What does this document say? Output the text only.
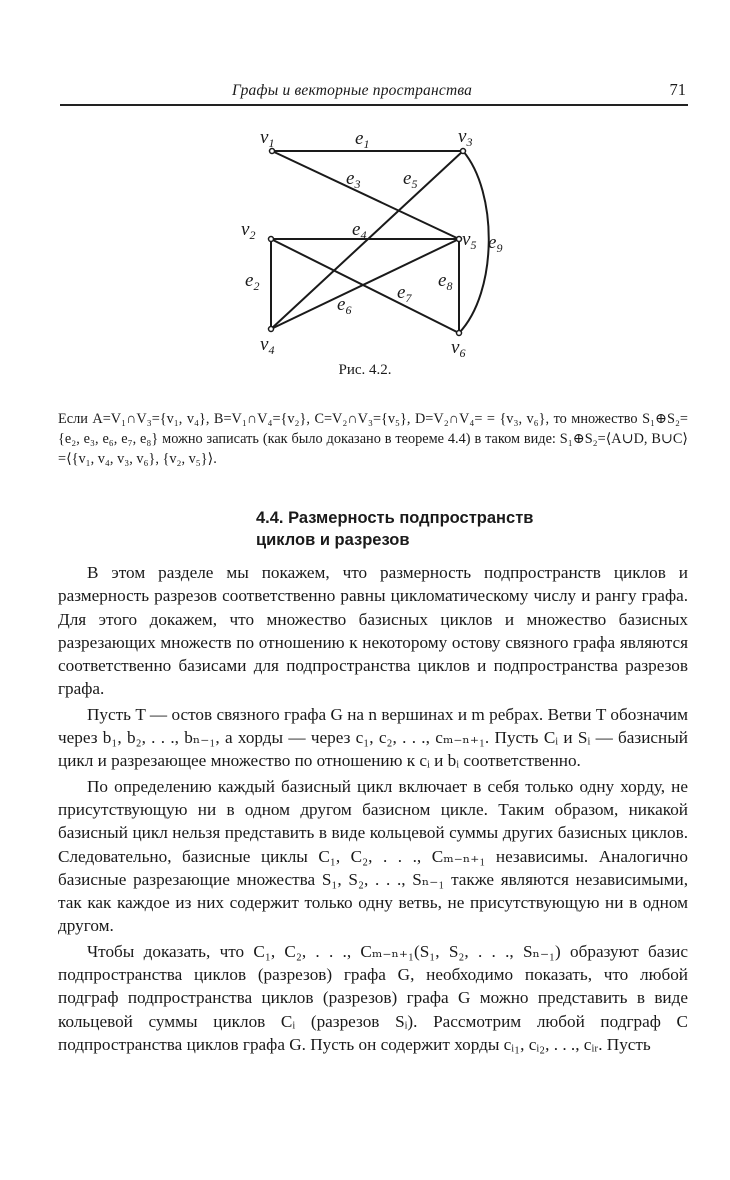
Графы и векторные пространства	71
$v_1$	$v_3$
$v_2$	$v_5$
$v_4$	$v_6$
$e_1$
$e_3$ $e_5$
$e_4$	$e_9$
$e_2$	$e_8$
$e_7$
$e_6$
Рис. 4.2.

Если A=V₁∩V₃={v₁, v₄}, B=V₁∩V₄={v₂}, C=V₂∩V₃={v₅}, D=V₂∩V₄= = {v₃, v₆}, то множество S₁⊕S₂={e₂, e₃, e₆, e₇, e₈} можно записать (как было доказано в теореме 4.4) в таком виде: S₁⊕S₂=⟨A∪D, B∪C⟩=⟨{v₁, v₄, v₃, v₆}, {v₂, v₅}⟩.

4.4. Размерность подпространств

циклов и разрезов

В этом разделе мы покажем, что размерность подпространств циклов и размерность разрезов соответственно равны цикломатическому числу и рангу графа. Для этого докажем, что множество базисных циклов и множество базисных разрезающих множеств по отношению к некоторому остову связного графа являются соответственно базисами для подпространства циклов и подпространства разрезов графа.

Пусть T — остов связного графа G на n вершинах и m ребрах. Ветви T обозначим через b₁, b₂, . . ., bₙ₋₁, а хорды — через c₁, c₂, . . ., cₘ₋ₙ₊₁. Пусть Cᵢ и Sᵢ — базисный цикл и разрезающее множество по отношению к cᵢ и bᵢ соответственно.

По определению каждый базисный цикл включает в себя только одну хорду, не присутствующую ни в одном другом базисном цикле. Таким образом, никакой базисный цикл нельзя представить в виде кольцевой суммы других базисных циклов. Следовательно, базисные циклы C₁, C₂, . . ., Cₘ₋ₙ₊₁ независимы. Аналогично базисные разрезающие множества S₁, S₂, . . ., Sₙ₋₁ также являются независимыми, так как каждое из них содержит только одну ветвь, не присутствующую ни в одном другом.

Чтобы доказать, что C₁, C₂, . . ., Cₘ₋ₙ₊₁(S₁, S₂, . . ., Sₙ₋₁) образуют базис подпространства циклов (разрезов) графа G, необходимо показать, что любой подграф подпространства циклов (разрезов) графа G можно представить в виде кольцевой суммы циклов Cᵢ (разрезов Sᵢ). Рассмотрим любой подграф C подпространства циклов графа G. Пусть он содержит хорды cᵢ₁, cᵢ₂, . . ., cᵢᵣ. Пусть
